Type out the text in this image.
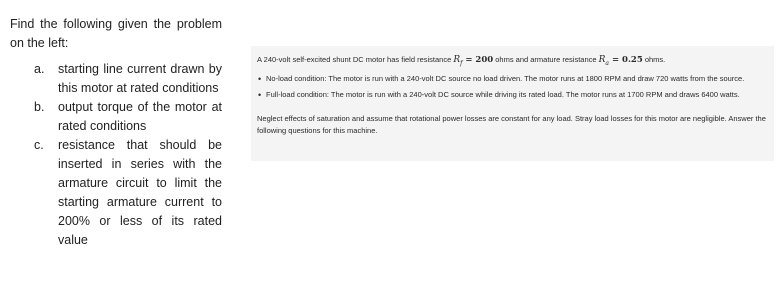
Find the following given the problem on the left:

a. starting line current drawn by this motor at rated conditions
b. output torque of the motor at rated conditions
c. resistance that should be inserted in series with the armature circuit to limit the starting armature current to 200% or less of its rated value

A 240-volt self-excited shunt DC motor has field resistance $R_f = 200$ ohms and armature resistance $R_a = 0.25$ ohms.

• No-load condition: The motor is run with a 240-volt DC source no load driven. The motor runs at 1800 RPM and draw 720 watts from the source.
• Full-load condition: The motor is run with a 240-volt DC source while driving its rated load. The motor runs at 1700 RPM and draws 6400 watts.

Neglect effects of saturation and assume that rotational power losses are constant for any load. Stray load losses for this motor are negligible. Answer the following questions for this machine.
